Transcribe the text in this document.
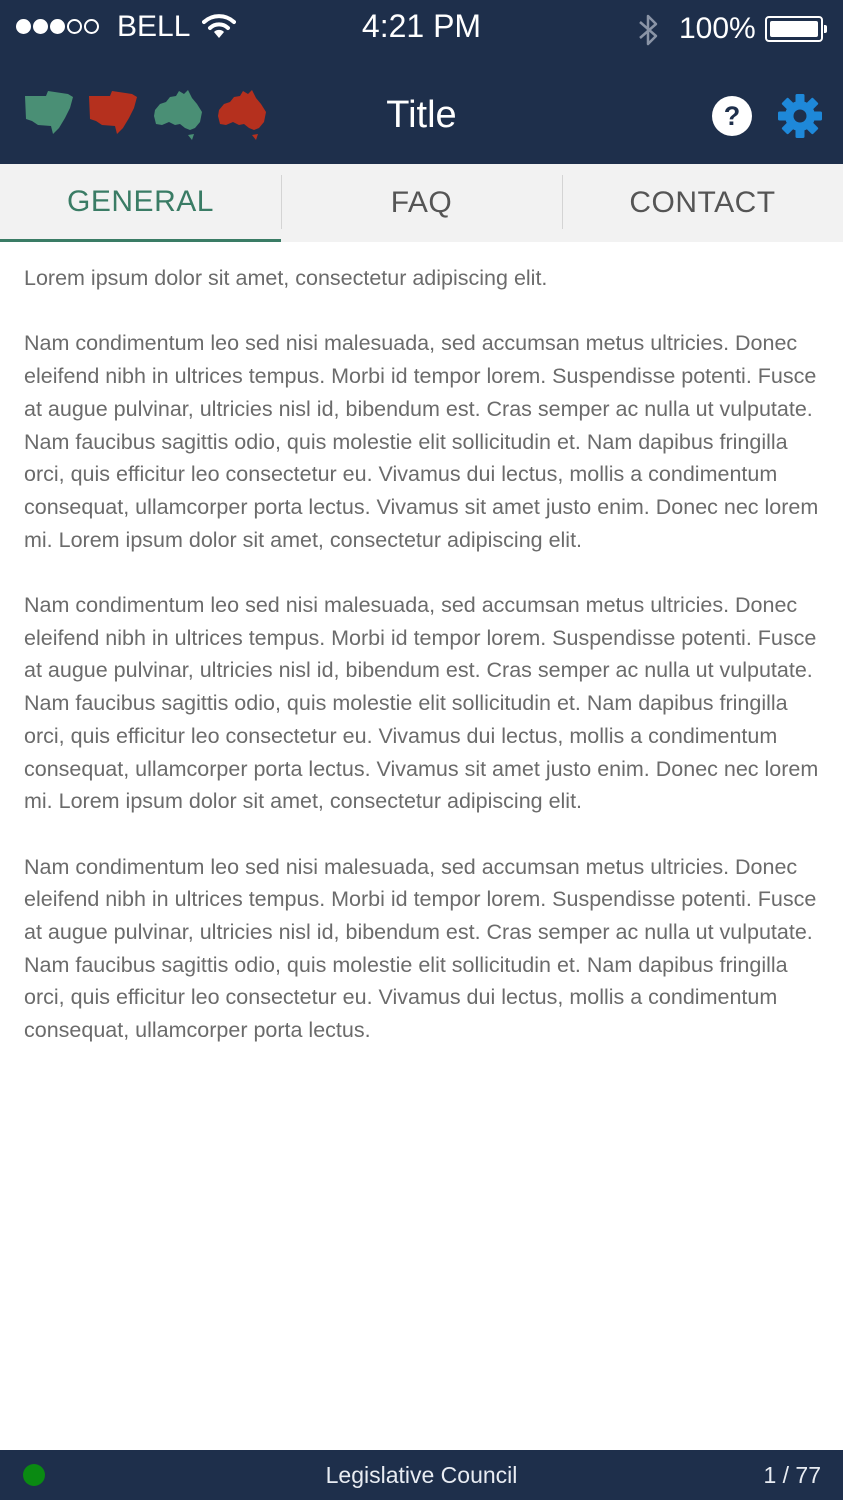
BELL	4:21 PM	100%
Title	?
GENERAL	FAQ	CONTACT

Lorem ipsum dolor sit amet, consectetur adipiscing elit.

Nam condimentum leo sed nisi malesuada, sed accumsan metus ultricies. Donec eleifend nibh in ultrices tempus. Morbi id tempor lorem. Suspendisse potenti. Fusce at augue pulvinar, ultricies nisl id, bibendum est. Cras semper ac nulla ut vulputate. Nam faucibus sagittis odio, quis molestie elit sollicitudin et. Nam dapibus fringilla orci, quis efficitur leo consectetur eu. Vivamus dui lectus, mollis a condimentum consequat, ullamcorper porta lectus. Vivamus sit amet justo enim. Donec nec lorem mi. Lorem ipsum dolor sit amet, consectetur adipiscing elit.

Nam condimentum leo sed nisi malesuada, sed accumsan metus ultricies. Donec eleifend nibh in ultrices tempus. Morbi id tempor lorem. Suspendisse potenti. Fusce at augue pulvinar, ultricies nisl id, bibendum est. Cras semper ac nulla ut vulputate. Nam faucibus sagittis odio, quis molestie elit sollicitudin et. Nam dapibus fringilla orci, quis efficitur leo consectetur eu. Vivamus dui lectus, mollis a condimentum consequat, ullamcorper porta lectus. Vivamus sit amet justo enim. Donec nec lorem mi. Lorem ipsum dolor sit amet, consectetur adipiscing elit.

Nam condimentum leo sed nisi malesuada, sed accumsan metus ultricies. Donec eleifend nibh in ultrices tempus. Morbi id tempor lorem. Suspendisse potenti. Fusce at augue pulvinar, ultricies nisl id, bibendum est. Cras semper ac nulla ut vulputate. Nam faucibus sagittis odio, quis molestie elit sollicitudin et. Nam dapibus fringilla orci, quis efficitur leo consectetur eu. Vivamus dui lectus, mollis a condimentum consequat, ullamcorper porta lectus.

Legislative Council	1 / 77
